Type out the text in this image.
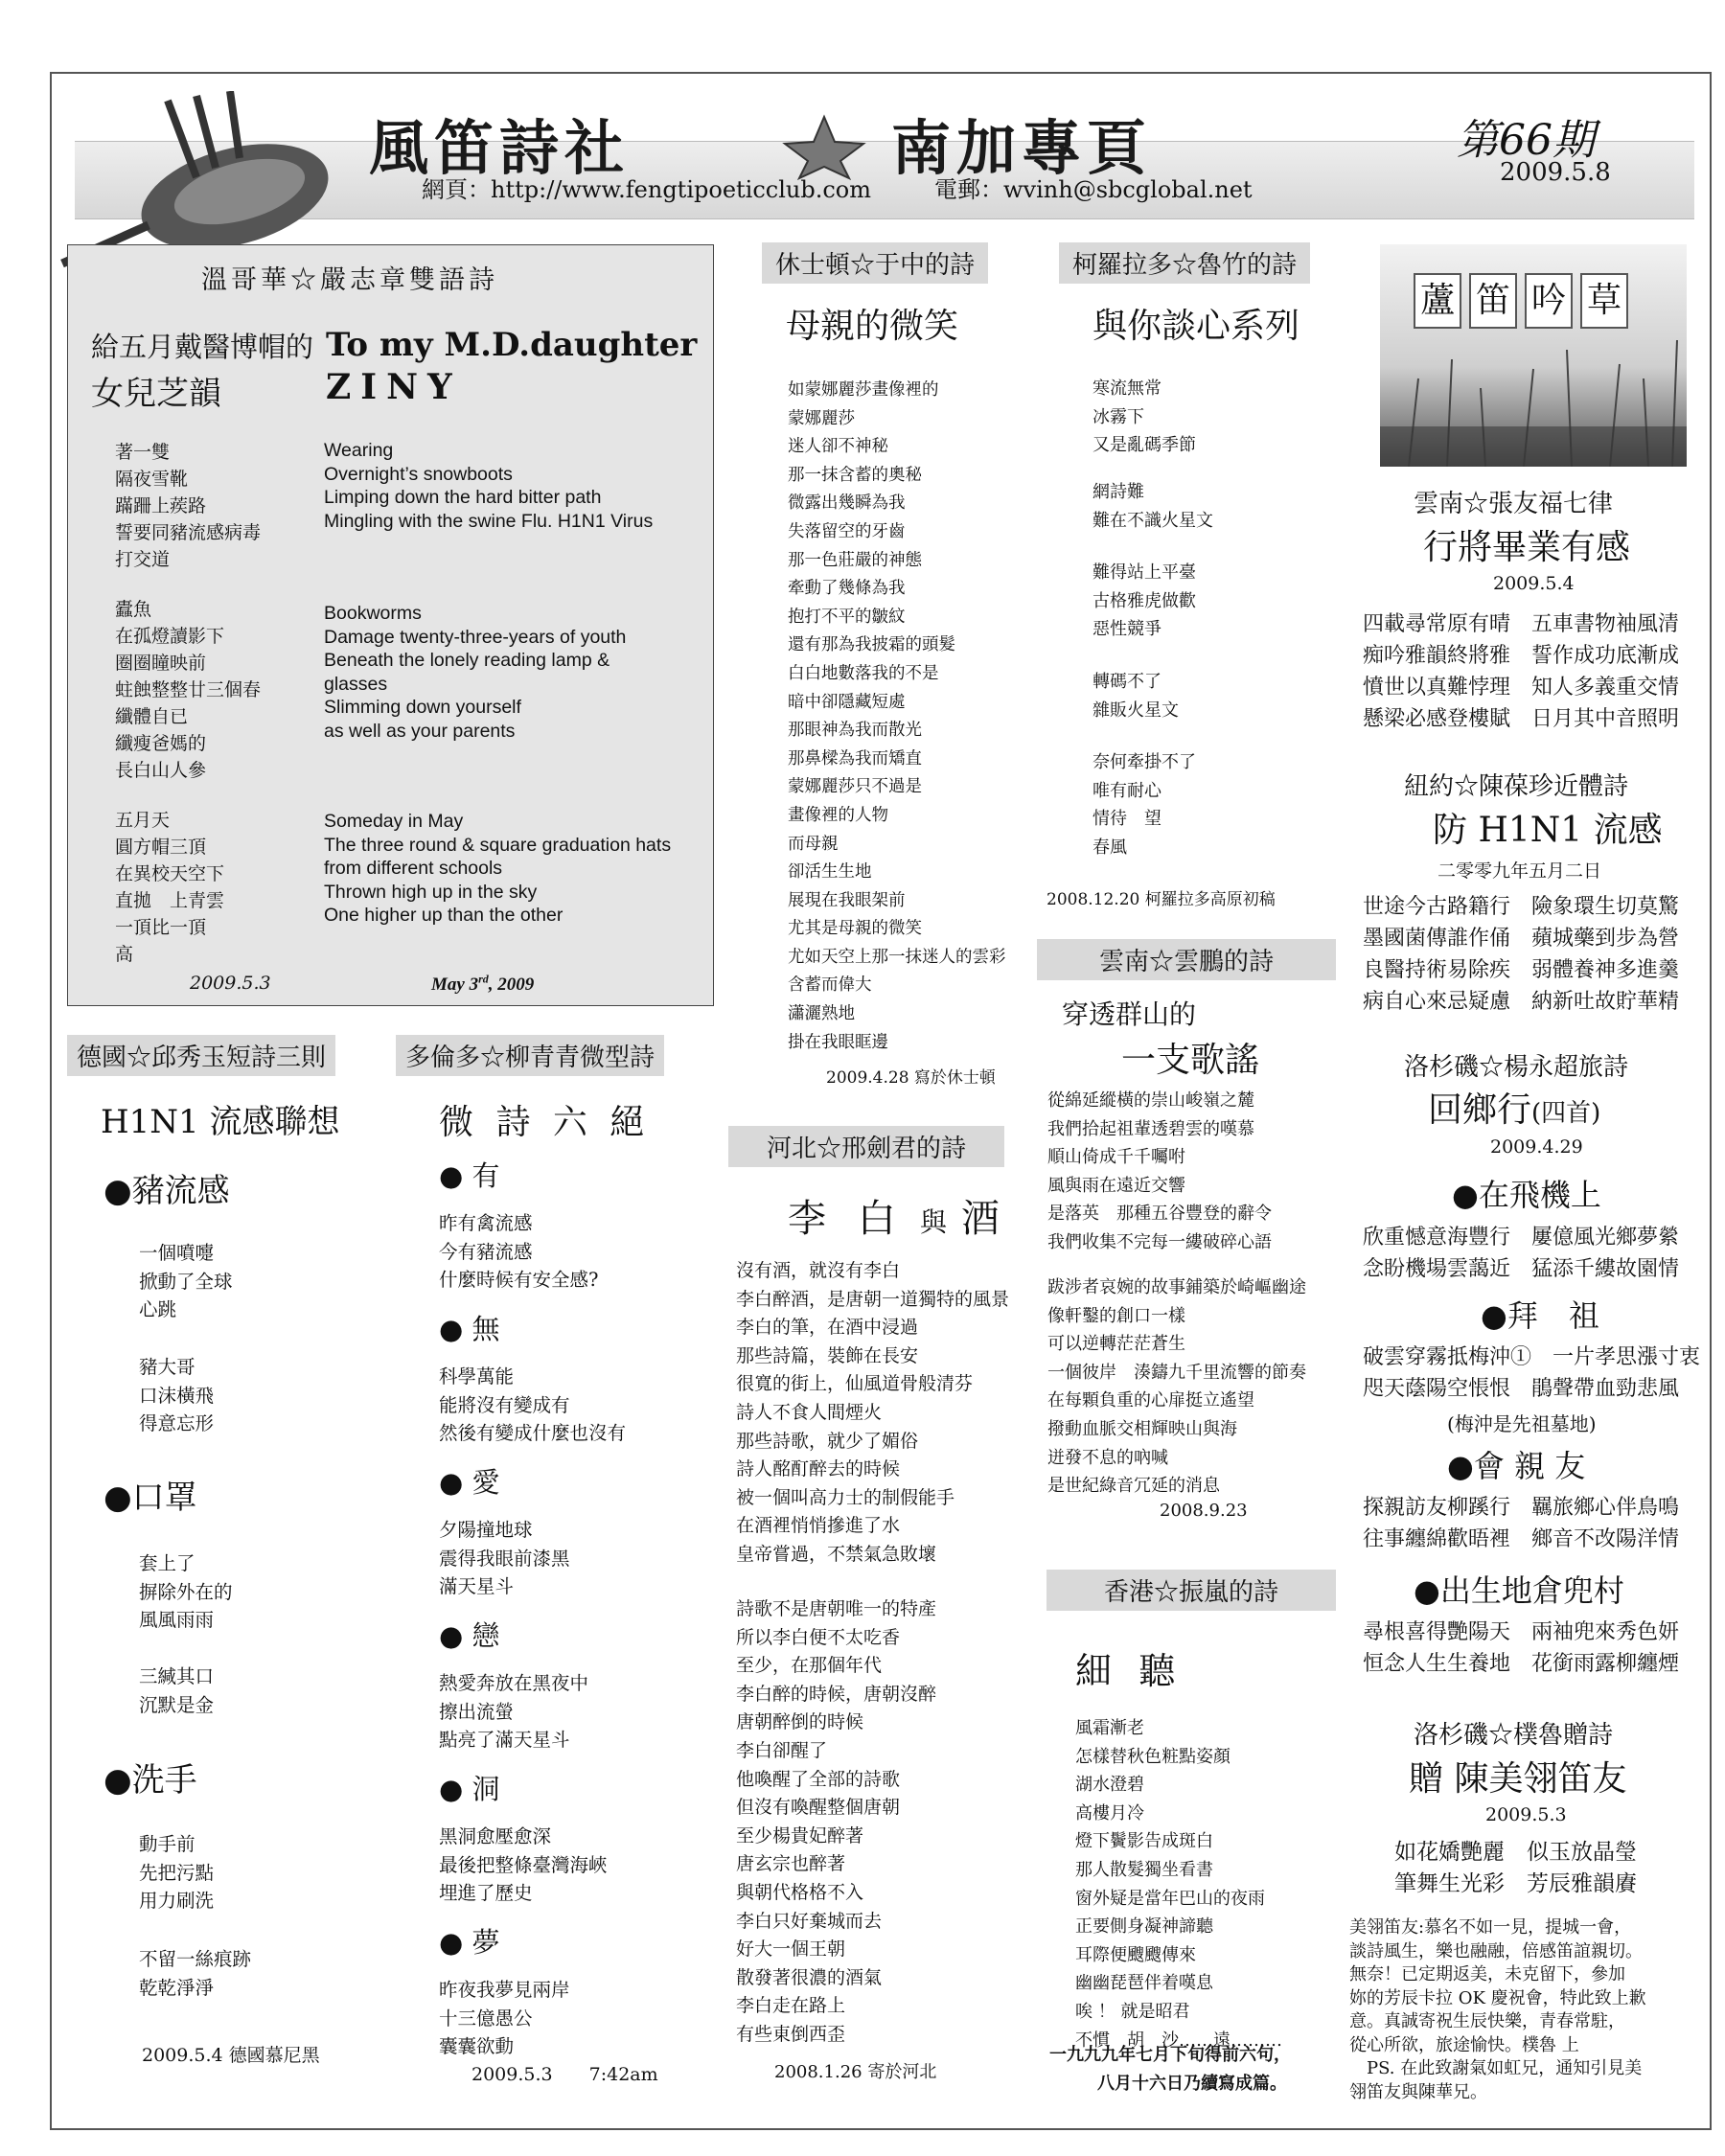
風笛詩社	南加專頁
網頁：http://www.fengtipoeticclub.com	電郵：wvinh@sbcglobal.net
第66期
2009.5.8
溫哥華☆嚴志章雙語詩
給五月戴醫博帽的
女兒芝韻
To my M.D.daughter
ZINY
著一雙
隔夜雪靴
蹣跚上蒺路
誓要同豬流感病毒
打交道
Wearing
Overnight’s snowboots
Limping down the hard bitter path
Mingling with the swine Flu. H1N1 Virus
蠹魚
在孤燈讀影下
圈圈瞳映前
蛀蝕整整廿三個春
纖體自已
纖瘦爸媽的
長白山人參
Bookworms
Damage twenty-three-years of youth
Beneath the lonely reading lamp &
glasses
Slimming down yourself
as well as your parents
五月天
圓方帽三頂
在異校天空下
直拋　上青雲
一頂比一頂
高
Someday in May
The three round & square graduation hats
from different schools
Thrown high up in the sky
One higher up than the other
2009.5.3	May 3rd, 2009
德國☆邱秀玉短詩三則
H1N1 流感聯想
●豬流感
一個噴嚏
掀動了全球
心跳
豬大哥
口沫橫飛
得意忘形
●口罩
套上了
摒除外在的
風風雨雨
三緘其口
沉默是金
●洗手
動手前
先把污點
用力刷洗
不留一絲痕跡
乾乾淨淨
2009.5.4 德國慕尼黑
多倫多☆柳青青微型詩
微 詩 六 絕
● 有
昨有禽流感
今有豬流感
什麼時候有安全感?
● 無
科學萬能
能將沒有變成有
然後有變成什麼也沒有
● 愛
夕陽撞地球
震得我眼前漆黑
滿天星斗
● 戀
熱愛奔放在黑夜中
擦出流螢
點亮了滿天星斗
● 洞
黑洞愈壓愈深
最後把整條臺灣海峽
埋進了歷史
● 夢
昨夜我夢見兩岸
十三億愚公
囊囊欲動
2009.5.3　　7:42am
休士頓☆于中的詩
母親的微笑
如蒙娜麗莎畫像裡的
蒙娜麗莎
迷人卻不神秘
那一抹含蓄的奧秘
微露出幾瞬為我
失落留空的牙齒
那一色莊嚴的神態
牽動了幾條為我
抱打不平的皺紋
還有那為我披霜的頭髮
白白地數落我的不是
暗中卻隱藏短處
那眼神為我而散光
那鼻樑為我而矯直
蒙娜麗莎只不過是
畫像裡的人物
而母親
卻活生生地
展現在我眼架前
尤其是母親的微笑
尤如天空上那一抹迷人的雲彩
含蓄而偉大
瀟灑熟地
掛在我眼眶邊
2009.4.28 寫於休士頓
河北☆邢劍君的詩
李 白 與 酒
沒有酒，就沒有李白
李白醉酒，是唐朝一道獨特的風景
李白的筆，在酒中浸過
那些詩篇，裝飾在長安
很寬的街上，仙風道骨般清芬
詩人不食人間煙火
那些詩歌，就少了媚俗
詩人酩酊醉去的時候
被一個叫高力士的制假能手
在酒裡悄悄摻進了水
皇帝嘗過，不禁氣急敗壞
詩歌不是唐朝唯一的特產
所以李白便不太吃香
至少，在那個年代
李白醉的時候，唐朝沒醉
唐朝醉倒的時候
李白卻醒了
他喚醒了全部的詩歌
但沒有喚醒整個唐朝
至少楊貴妃醉著
唐玄宗也醉著
與朝代格格不入
李白只好棄城而去
好大一個王朝
散發著很濃的酒氣
李白走在路上
有些東倒西歪
2008.1.26 寄於河北
柯羅拉多☆魯竹的詩
與你談心系列
寒流無常
冰霧下
又是亂碼季節
網詩難
難在不識火星文
難得站上平臺
古格雅虎做歡
惡性競爭
轉碼不了
雜販火星文
奈何牽掛不了
唯有耐心
情待　望
春風
2008.12.20 柯羅拉多高原初稿
雲南☆雲鵬的詩
穿透群山的
一支歌謠
從綿延縱橫的崇山峻嶺之麓
我們拾起祖輩透碧雲的嘆慕
順山倚成千千囑咐
風與雨在遠近交響
是落英　那種五谷豐登的辭令
我們收集不完每一縷破碎心語
跋涉者哀婉的故事鋪築於崎嶇幽途
像軒鑿的創口一樣
可以逆轉茫茫蒼生
一個彼岸　湊鑄九千里流響的節奏
在每顆負重的心扉挺立遙望
撥動血脈交相輝映山與海
迸發不息的吶喊
是世紀綠音冗延的消息
2008.9.23
香港☆振嵐的詩
細 聽
風霜漸老
怎樣替秋色粧點姿顏
湖水澄碧
高樓月冷
燈下鬢影告成斑白
那人散髮獨坐看書
窗外疑是當年巴山的夜雨
正要側身凝神諦聽
耳際便颼颼傳來
幽幽琵琶伴着嘆息
唉 ！ 就是昭君
不慣　胡　沙……遠………
一九九九年七月下旬得前六句，
八月十六日乃續寫成篇。
蘆 笛 吟 草
雲南☆張友福七律
行將畢業有感
2009.5.4
四載尋常原有晴　 五車書物袖風清
痴吟雅韻終將雅　 誓作成功底漸成
憤世以真難悖理　 知人多義重交情
懸梁必感登樓賦　 日月其中音照明
紐約☆陳葆珍近體詩
防 H1N1 流感
二零零九年五月二日
世途今古路籍行　 險象環生切莫驚
墨國菌傳誰作俑　 蘋城藥到步為營
良醫持術易除疾　 弱體養神多進羹
病自心來忌疑慮　 納新吐故貯華精
洛杉磯☆楊永超旅詩
回鄉行(四首)
2009.4.29
●在飛機上
欣重憾意海豐行　 屢億風光鄉夢縈
念盼機場雲藹近　 猛添千縷故園情
●拜　祖
破雲穿霧抵梅沖①　 一片孝思漲寸衷
咫天蔭陽空悵恨　 鵑聲帶血勁悲風
(梅沖是先祖墓地)
●會 親 友
探親訪友柳蹊行　 羈旅鄉心伴鳥鳴
往事纏綿歡晤裡　 鄉音不改陽洋情
●出生地倉兜村
尋根喜得艷陽天　 兩袖兜來秀色妍
恒念人生生養地　 花銜雨露柳纏煙
洛杉磯☆樸魯贈詩
贈 陳美翎笛友
2009.5.3
如花嬌艷麗　 似玉放晶瑩
筆舞生光彩　 芳辰雅韻賡
美翎笛友:慕名不如一見，提城一會，
談詩風生，樂也融融，倍感笛誼親切。
無奈！已定期返美，未克留下，參加
妳的芳辰卡拉 OK 慶祝會，特此致上歉
意。真誠寄祝生辰快樂，青春常駐，
從心所欲，旅途愉快。樸魯 上
　PS. 在此致謝氣如虹兄，通知引見美
翎笛友與陳華兄。
